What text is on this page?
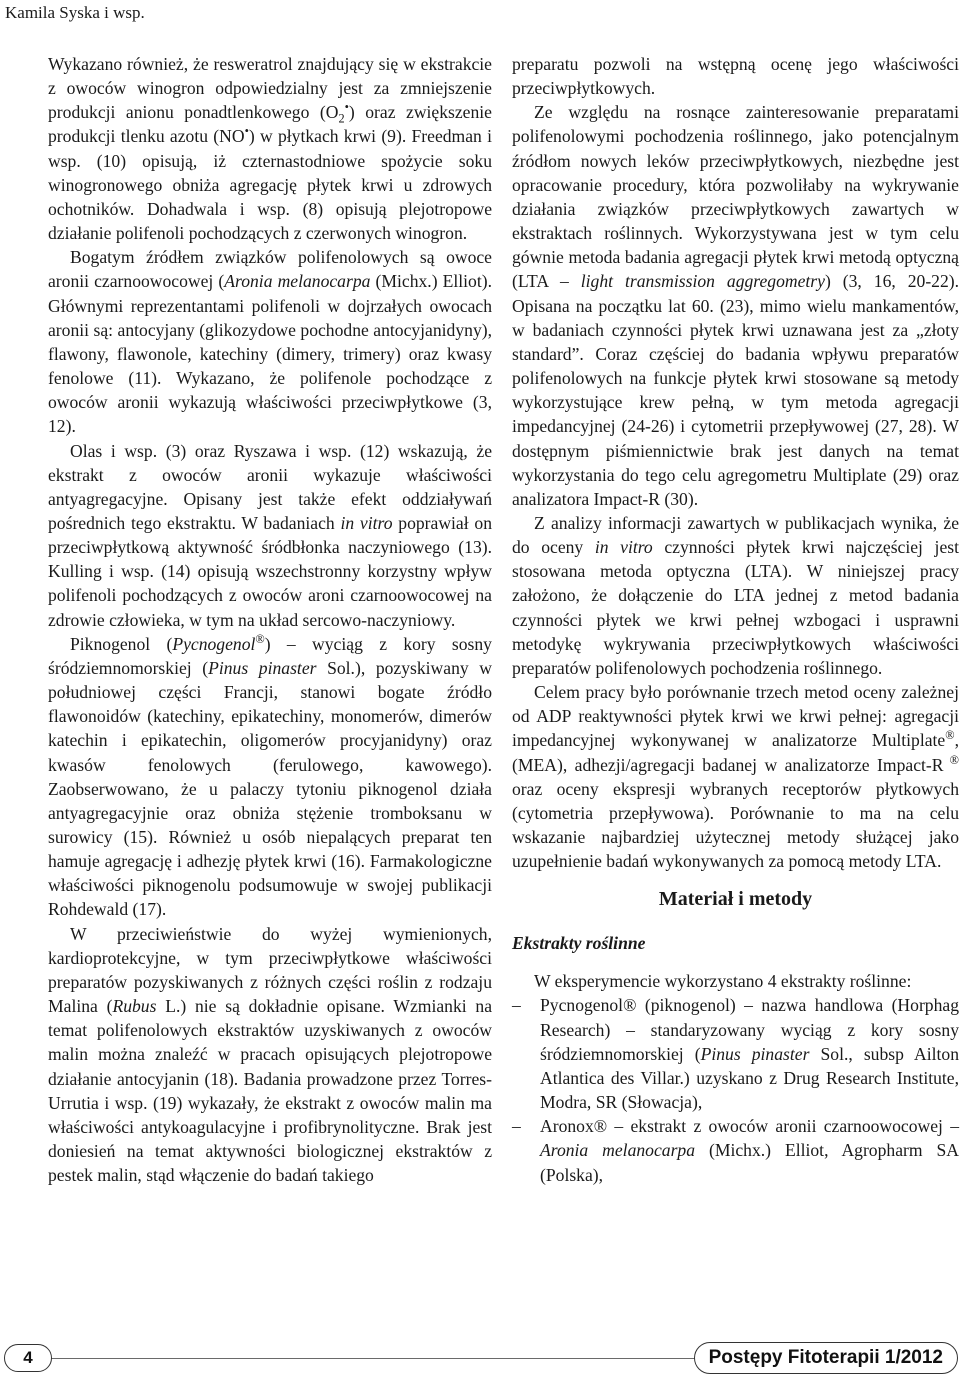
Kamila Syska i wsp.

Wykazano również, że resweratrol znajdujący się w ekstrakcie z owoców winogron odpowiedzialny jest za zmniejszenie produkcji anionu ponadtlenkowego $(O_2^•)$ oraz zwiększenie produkcji tlenku azotu (NO•) w płytkach krwi (9). Freedman i wsp. (10) opisują, iż czternastodniowe spożycie soku winogronowego obniża agregację płytek krwi u zdrowych ochotników. Dohadwala i wsp. (8) opisują plejotropowe działanie polifenoli pochodzących z czerwonych winogron.

Bogatym źródłem związków polifenolowych są owoce aronii czarnoowocowej (Aronia melanocarpa (Michx.) Elliot). Głównymi reprezentantami polifenoli w dojrzałych owocach aronii są: antocyjany (glikozydowe pochodne antocyjanidyny), flawony, flawonole, katechiny (dimery, trimery) oraz kwasy fenolowe (11). Wykazano, że polifenole pochodzące z owoców aronii wykazują właściwości przeciwpłytkowe (3, 12).

Olas i wsp. (3) oraz Ryszawa i wsp. (12) wskazują, że ekstrakt z owoców aronii wykazuje właściwości antyagregacyjne. Opisany jest także efekt oddziaływań pośrednich tego ekstraktu. W badaniach in vitro poprawiał on przeciwpłytkową aktywność śródbłonka naczyniowego (13). Kulling i wsp. (14) opisują wszechstronny korzystny wpływ polifenoli pochodzących z owoców aroni czarnoowocowej na zdrowie człowieka, w tym na układ sercowo-naczyniowy.

Piknogenol (Pycnogenol®) – wyciąg z kory sosny śródziemnomorskiej (Pinus pinaster Sol.), pozyskiwany w południowej części Francji, stanowi bogate źródło flawonoidów (katechiny, epikatechiny, monomerów, dimerów katechin i epikatechin, oligomerów procyjanidyny) oraz kwasów fenolowych (ferulowego, kawowego). Zaobserwowano, że u palaczy tytoniu piknogenol działa antyagregacyjnie oraz obniża stężenie tromboksanu w surowicy (15). Również u osób niepalących preparat ten hamuje agregację i adhezję płytek krwi (16). Farmakologiczne właściwości piknogenolu podsumowuje w swojej publikacji Rohdewald (17).

W przeciwieństwie do wyżej wymienionych, kardioprotekcyjne, w tym przeciwpłytkowe właściwości preparatów pozyskiwanych z różnych części roślin z rodzaju Malina (Rubus L.) nie są dokładnie opisane. Wzmianki na temat polifenolowych ekstraktów uzyskiwanych z owoców malin można znaleźć w pracach opisujących plejotropowe działanie antocyjanin (18). Badania prowadzone przez Torres-Urrutia i wsp. (19) wykazały, że ekstrakt z owoców malin ma właściwości antykoagulacyjne i profibrynolityczne. Brak jest doniesień na temat aktywności biologicznej ekstraktów z pestek malin, stąd włączenie do badań takiego

preparatu pozwoli na wstępną ocenę jego właściwości przeciwpłytkowych.

Ze względu na rosnące zainteresowanie preparatami polifenolowymi pochodzenia roślinnego, jako potencjalnym źródłom nowych leków przeciwpłytkowych, niezbędne jest opracowanie procedury, która pozwoliłaby na wykrywanie działania związków przeciwpłytkowych zawartych w ekstraktach roślinnych. Wykorzystywana jest w tym celu gównie metoda badania agregacji płytek krwi metodą optyczną (LTA – light transmission aggregometry) (3, 16, 20-22). Opisana na początku lat 60. (23), mimo wielu mankamentów, w badaniach czynności płytek krwi uznawana jest za „złoty standard”. Coraz częściej do badania wpływu preparatów polifenolowych na funkcje płytek krwi stosowane są metody wykorzystujące krew pełną, w tym metoda agregacji impedancyjnej (24-26) i cytometrii przepływowej (27, 28). W dostępnym piśmiennictwie brak jest danych na temat wykorzystania do tego celu agregometru Multiplate (29) oraz analizatora Impact-R (30).

Z analizy informacji zawartych w publikacjach wynika, że do oceny in vitro czynności płytek krwi najczęściej jest stosowana metoda optyczna (LTA). W niniejszej pracy założono, że dołączenie do LTA jednej z metod badania czynności płytek we krwi pełnej wzbogaci i usprawni metodykę wykrywania przeciwpłytkowych właściwości preparatów polifenolowych pochodzenia roślinnego.

Celem pracy było porównanie trzech metod oceny zależnej od ADP reaktywności płytek krwi we krwi pełnej: agregacji impedancyjnej wykonywanej w analizatorze Multiplate®, (MEA), adhezji/agregacji badanej w analizatorze Impact-R ® oraz oceny ekspresji wybranych receptorów płytkowych (cytometria przepływowa). Porównanie to ma na celu wskazanie najbardziej użytecznej metody służącej jako uzupełnienie badań wykonywanych za pomocą metody LTA.

Materiał i metody
Ekstrakty roślinne

W eksperymencie wykorzystano 4 ekstrakty roślinne:

– Pycnogenol® (piknogenol) – nazwa handlowa (Horphag Research) – standaryzowany wyciąg z kory sosny śródziemnomorskiej (Pinus pinaster Sol., subsp Ailton Atlantica des Villar.) uzyskano z Drug Research Institute, Modra, SR (Słowacja),
– Aronox® – ekstrakt z owoców aronii czarnoowocowej – Aronia melanocarpa (Michx.) Elliot, Agropharm SA (Polska),
4	Postępy Fitoterapii 1/2012
